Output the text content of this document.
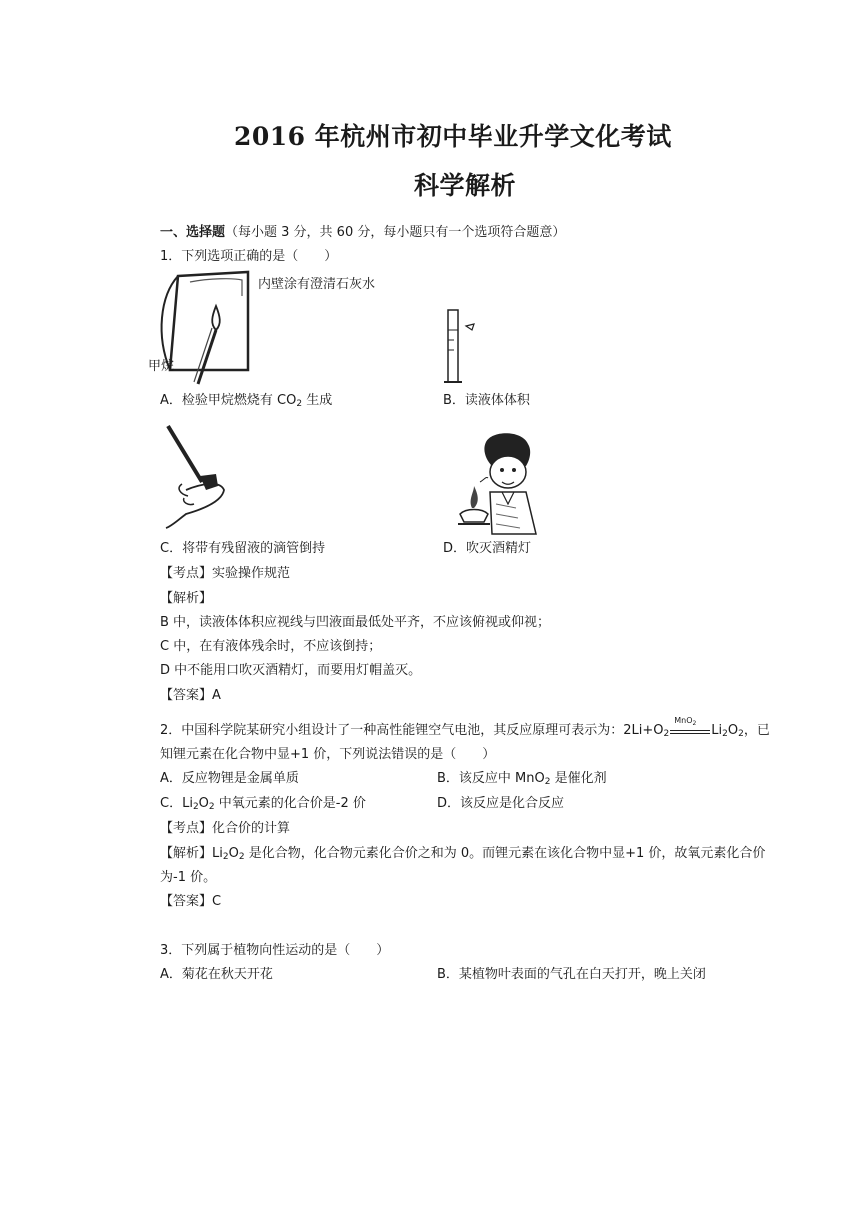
2016 年杭州市初中毕业升学文化考试
科学解析
一、选择题（每小题 3 分，共 60 分，每小题只有一个选项符合题意）
1．下列选项正确的是（　　）
内壁涂有澄清石灰水
甲烷
A．检验甲烷燃烧有 $CO_2$ 生成	B．读液体体积
C．将带有残留液的滴管倒持	D．吹灭酒精灯
【考点】实验操作规范
【解析】
B 中，读液体体积应视线与凹液面最低处平齐，不应该俯视或仰视；
C 中，在有液体残余时，不应该倒持；
D 中不能用口吹灭酒精灯，而要用灯帽盖灭。
【答案】A
2．中国科学院某研究小组设计了一种高性能锂空气电池，其反应原理可表示为：$2Li+O_2$
MnO$_2$ $Li_2O_2$，已
知锂元素在化合物中显+1 价，下列说法错误的是（　　）
A．反应物锂是金属单质	B．该反应中 MnO$_2$ 是催化剂
C．$Li_2O_2$ 中氧元素的化合价是-2 价	D．该反应是化合反应
【考点】化合价的计算
【解析】$Li_2O_2$ 是化合物，化合物元素化合价之和为 0。而锂元素在该化合物中显+1 价，故氧元素化合价
为-1 价。
【答案】C
3．下列属于植物向性运动的是（　　）
A．菊花在秋天开花	B．某植物叶表面的气孔在白天打开，晚上关闭
